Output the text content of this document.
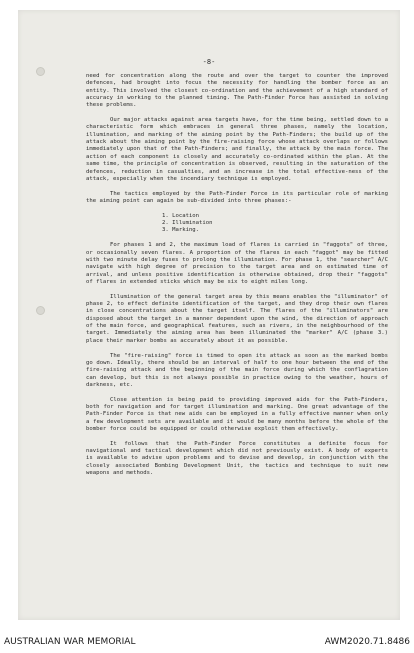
-8-

need for concentration along the route and over the target to counter the improved defences, had brought into focus the necessity for handling the bomber force as an entity. This involved the closest co-ordination and the achievement of a high standard of accuracy in working to the planned timing. The Path-Finder Force has assisted in solving these problems.

Our major attacks against area targets have, for the time being, settled down to a characteristic form which embraces in general three phases, namely the location, illumination, and marking of the aiming point by the Path-Finders; the build up of the attack about the aiming point by the fire-raising force whose attack overlaps or follows immediately upon that of the Path-Finders; and finally, the attack by the main force. The action of each component is closely and accurately co-ordinated within the plan. At the same time, the principle of concentration is observed, resulting in the saturation of the defences, reduction in casualties, and an increase in the total effective-ness of the attack, especially when the incendiary technique is employed.

The tactics employed by the Path-Finder Force in its particular role of marking the aiming point can again be sub-divided into three phases:-

1. Location
2. Illumination
3. Marking.

For phases 1 and 2, the maximum load of flares is carried in "faggots" of three, or occasionally seven flares. A proportion of the flares in each "faggot" may be fitted with two minute delay fuses to prolong the illumination. For phase 1, the "searcher" A/C navigate with high degree of precision to the target area and on estimated time of arrival, and unless positive identification is otherwise obtained, drop their "faggots" of flares in extended sticks which may be six to eight miles long.

Illumination of the general target area by this means enables the "illuminator" of phase 2, to effect definite identification of the target, and they drop their own flares in close concentrations about the target itself. The flares of the "illuminators" are disposed about the target in a manner dependent upon the wind, the direction of approach of the main force, and geographical features, such as rivers, in the neighbourhood of the target. Immediately the aiming area has been illuminated the "marker" A/C (phase 3.) place their marker bombs as accurately about it as possible.

The "fire-raising" force is timed to open its attack as soon as the marked bombs go down. Ideally, there should be an interval of half to one hour between the end of the fire-raising attack and the beginning of the main force during which the conflagration can develop, but this is not always possible in practice owing to the weather, hours of darkness, etc.

Close attention is being paid to providing improved aids for the Path-Finders, both for navigation and for target illumination and marking. One great advantage of the Path-Finder Force is that new aids can be employed in a fully effective manner when only a few development sets are available and it would be many months before the whole of the bomber force could be equipped or could otherwise exploit them effectively.

It follows that the Path-Finder Force constitutes a definite focus for navigational and tactical development which did not previously exist. A body of experts is available to advise upon problems and to devise and develop, in conjunction with the closely associated Bombing Development Unit, the tactics and technique to suit new weapons and methods.

AUSTRALIAN WAR MEMORIAL	AWM2020.71.8486
